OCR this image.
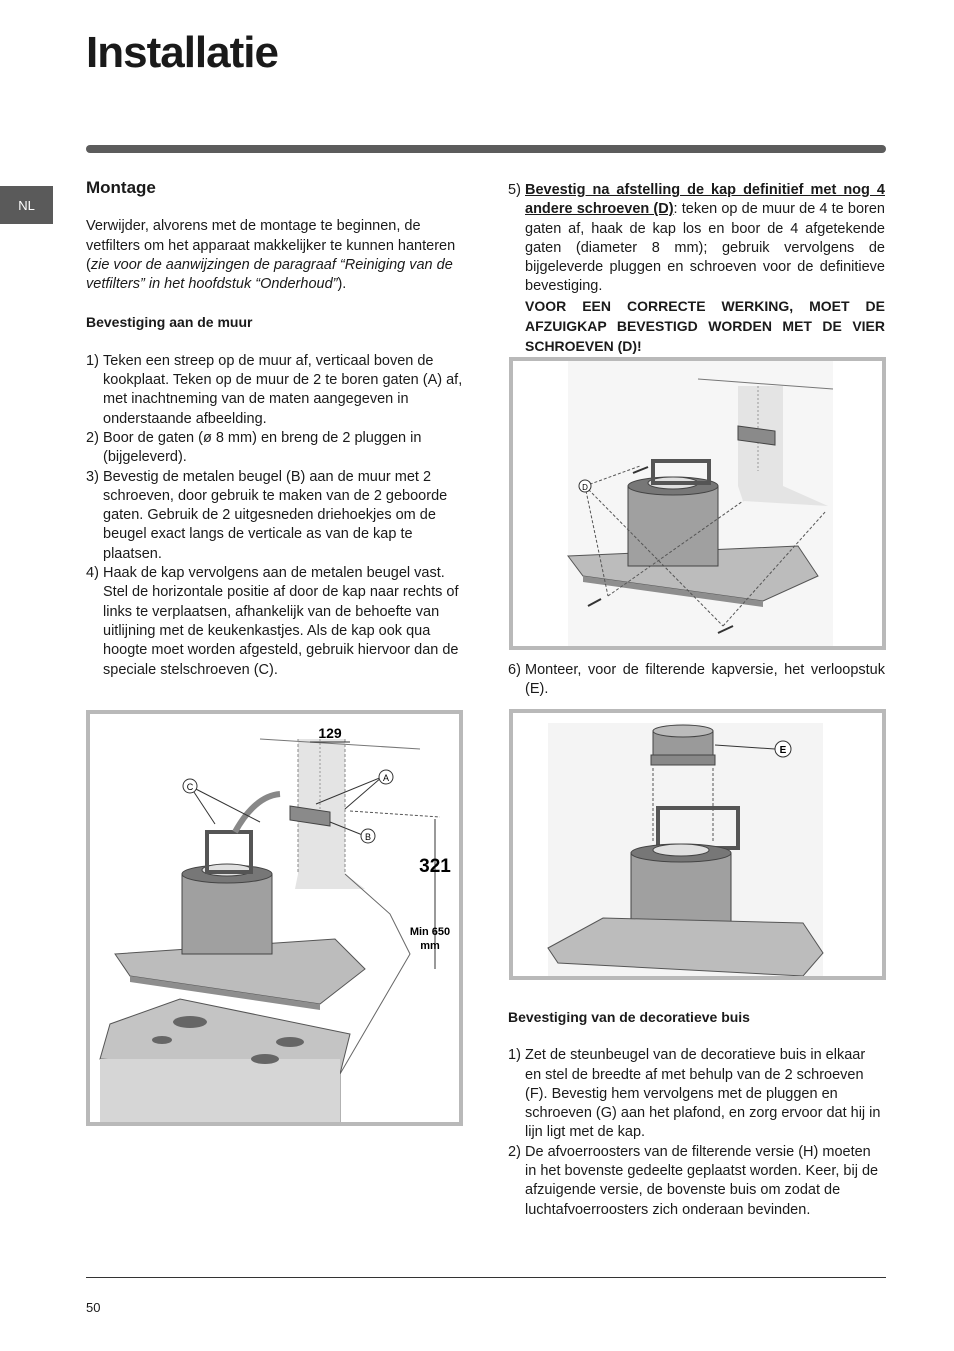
Installatie
NL
Montage

Verwijder, alvorens met de montage te beginnen, de vetfilters om het apparaat makkelijker te kunnen hanteren (zie voor de aanwijzingen de paragraaf “Reiniging van de vetfilters” in het hoofdstuk “Onderhoud”).

Bevestiging aan de muur
1) Teken een streep op de muur af, verticaal boven de kookplaat. Teken op de muur de 2 te boren gaten (A) af, met inachtneming van de maten aangegeven in onderstaande afbeelding.
2) Boor de gaten (ø 8 mm) en breng de 2 pluggen in (bijgeleverd).
3) Bevestig de metalen beugel (B) aan de muur met 2 schroeven, door gebruik te maken van de 2 geboorde gaten. Gebruik de 2 uitgesneden driehoekjes om de beugel exact langs de verticale as van de kap te plaatsen.
4) Haak de kap vervolgens aan de metalen beugel vast. Stel de horizontale positie af door de kap naar rechts of links te verplaatsen, afhankelijk van de behoefte van uitlijning met de keukenkastjes. Als de kap ook qua hoogte moet worden afgesteld, gebruik hiervoor dan de speciale stelschroeven (C).
C
A
B
129
321
Min 650
mm
5) Bevestig na afstelling de kap definitief met nog 4 andere schroeven (D): teken op de muur de 4 te boren gaten af, haak de kap los en boor de 4 afgetekende gaten (diameter 8 mm); gebruik vervolgens de bijgeleverde pluggen en schroeven voor de definitieve bevestiging.
VOOR EEN CORRECTE WERKING, MOET DE AFZUIGKAP BEVESTIGD WORDEN MET DE VIER SCHROEVEN (D)!
D
6) Monteer, voor de filterende kapversie, het verloopstuk (E).
E
Bevestiging van de decoratieve buis
1) Zet de steunbeugel van de decoratieve buis in elkaar en stel de breedte af met behulp van de 2 schroeven (F). Bevestig hem vervolgens met de pluggen en schroeven (G) aan het plafond, en zorg ervoor dat hij in lijn ligt met de kap.
2) De afvoerroosters van de filterende versie (H) moeten in het bovenste gedeelte geplaatst worden. Keer, bij de afzuigende versie, de bovenste buis om zodat de luchtafvoerroosters zich onderaan bevinden.
50
